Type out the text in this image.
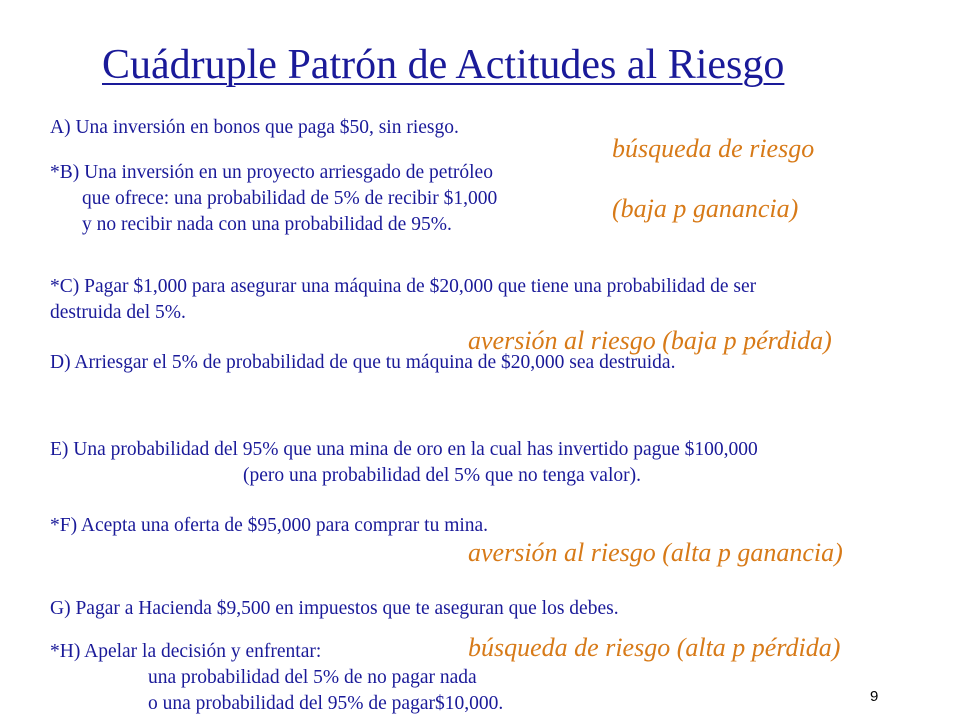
Cuádruple Patrón de Actitudes al Riesgo

A) Una inversión en bonos que paga $50, sin riesgo.

*B) Una inversión en un proyecto arriesgado de petróleo
que ofrece: una probabilidad de 5% de recibir $1,000
y no recibir nada con una probabilidad de 95%.

búsqueda de riesgo

(baja p ganancia)

*C) Pagar $1,000 para asegurar una máquina de $20,000 que tiene una probabilidad de ser
destruida del 5%.

D) Arriesgar el 5% de probabilidad de que tu máquina de $20,000 sea destruida.

aversión al riesgo (baja p pérdida)

E) Una probabilidad del 95% que una mina de oro en la cual has invertido pague $100,000
(pero una probabilidad del 5% que no tenga valor).

*F) Acepta una oferta de $95,000 para comprar tu mina.

aversión al riesgo (alta p ganancia)

G) Pagar a Hacienda $9,500 en impuestos que te aseguran que los debes.

*H) Apelar la decisión y enfrentar:
una probabilidad del 5% de no pagar nada
o una probabilidad del 95% de pagar$10,000.

búsqueda de riesgo (alta p pérdida)

9
